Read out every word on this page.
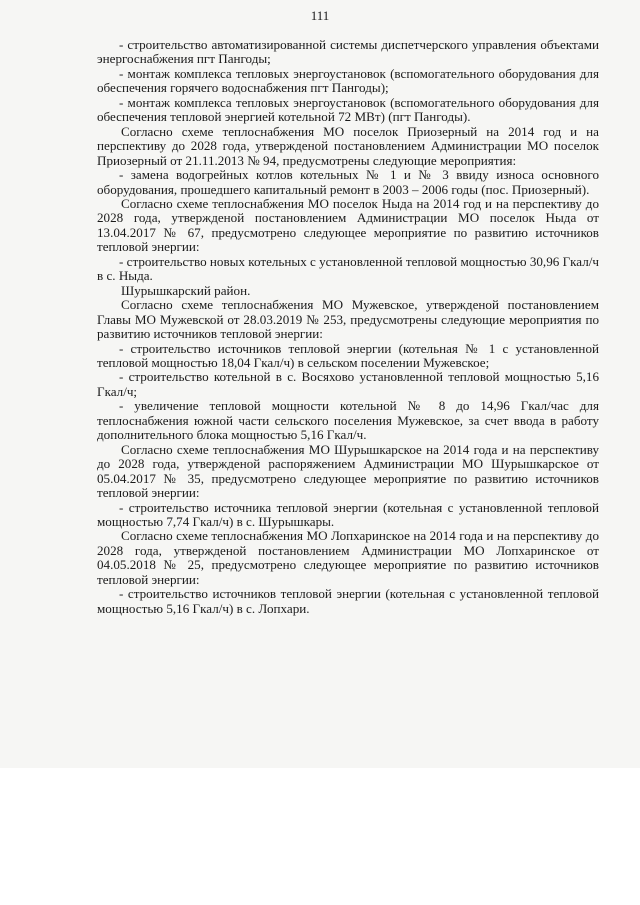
111

- строительство автоматизированной системы диспетчерского управления объектами энергоснабжения пгт Пангоды;

- монтаж комплекса тепловых энергоустановок (вспомогательного оборудования для обеспечения горячего водоснабжения пгт Пангоды);

- монтаж комплекса тепловых энергоустановок (вспомогательного оборудования для обеспечения тепловой энергией котельной 72 МВт) (пгт Пангоды).

Согласно схеме теплоснабжения МО поселок Приозерный на 2014 год и на перспективу до 2028 года, утвержденой постановлением Администрации МО поселок Приозерный от 21.11.2013 № 94, предусмотрены следующие мероприятия:

- замена водогрейных котлов котельных № 1 и № 3 ввиду износа основного оборудования, прошедшего капитальный ремонт в 2003 – 2006 годы (пос. Приозерный).

Согласно схеме теплоснабжения МО поселок Ныда на 2014 год и на перспективу до 2028 года, утвержденой постановлением Администрации МО поселок Ныда от 13.04.2017 № 67, предусмотрено следующее мероприятие по развитию источников тепловой энергии:

- строительство новых котельных с установленной тепловой мощностью 30,96 Гкал/ч в с. Ныда.

Шурышкарский район.

Согласно схеме теплоснабжения МО Мужевское, утвержденой постановлением Главы МО Мужевской от 28.03.2019 № 253, предусмотрены следующие мероприятия по развитию источников тепловой энергии:

- строительство источников тепловой энергии (котельная № 1 с установленной тепловой мощностью 18,04 Гкал/ч) в сельском поселении Мужевское;

- строительство котельной в с. Восяхово установленной тепловой мощностью 5,16 Гкал/ч;

- увеличение тепловой мощности котельной № 8 до 14,96 Гкал/час для теплоснабжения южной части сельского поселения Мужевское, за счет ввода в работу дополнительного блока мощностью 5,16 Гкал/ч.

Согласно схеме теплоснабжения МО Шурышкарское на 2014 года и на перспективу до 2028 года, утвержденой распоряжением Администрации МО Шурышкарское от 05.04.2017 № 35, предусмотрено следующее мероприятие по развитию источников тепловой энергии:

- строительство источника тепловой энергии (котельная с установленной тепловой мощностью 7,74 Гкал/ч) в с. Шурышкары.

Согласно схеме теплоснабжения МО Лопхаринское на 2014 года и на перспективу до 2028 года, утвержденой постановлением Администрации МО Лопхаринское от 04.05.2018 № 25, предусмотрено следующее мероприятие по развитию источников тепловой энергии:

- строительство источников тепловой энергии (котельная с установленной тепловой мощностью 5,16 Гкал/ч) в с. Лопхари.
